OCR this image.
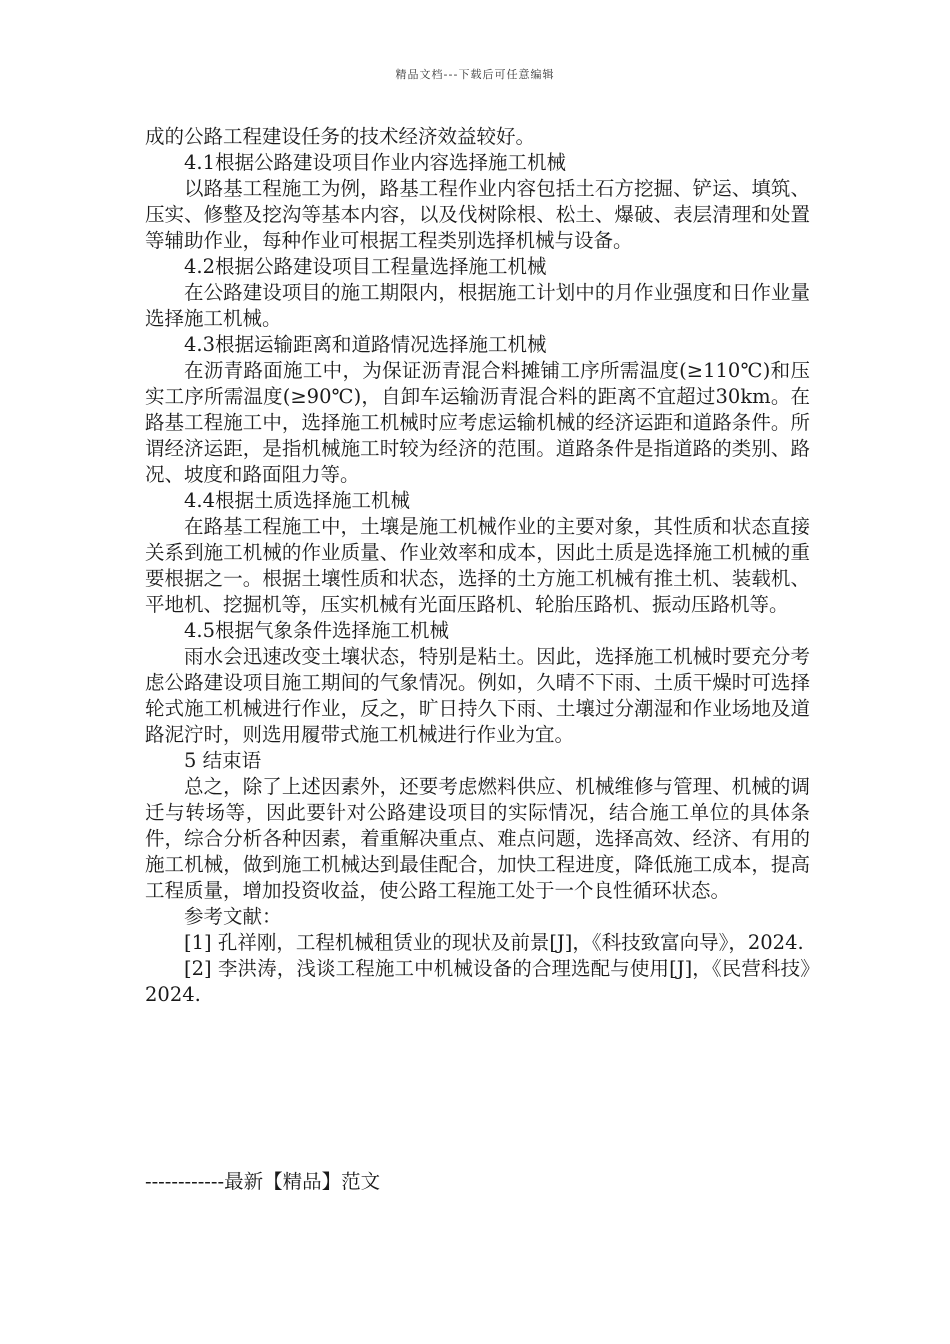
精品文档---下载后可任意编辑

成的公路工程建设任务的技术经济效益较好。

4.1根据公路建设项目作业内容选择施工机械

以路基工程施工为例，路基工程作业内容包括土石方挖掘、铲运、填筑、压实、修整及挖沟等基本内容，以及伐树除根、松土、爆破、表层清理和处置等辅助作业，每种作业可根据工程类别选择机械与设备。

4.2根据公路建设项目工程量选择施工机械

在公路建设项目的施工期限内，根据施工计划中的月作业强度和日作业量选择施工机械。

4.3根据运输距离和道路情况选择施工机械

在沥青路面施工中，为保证沥青混合料摊铺工序所需温度(≥110℃)和压实工序所需温度(≥90℃)，自卸车运输沥青混合料的距离不宜超过30km。在路基工程施工中，选择施工机械时应考虑运输机械的经济运距和道路条件。所谓经济运距，是指机械施工时较为经济的范围。道路条件是指道路的类别、路况、坡度和路面阻力等。

4.4根据土质选择施工机械

在路基工程施工中，土壤是施工机械作业的主要对象，其性质和状态直接关系到施工机械的作业质量、作业效率和成本，因此土质是选择施工机械的重要根据之一。根据土壤性质和状态，选择的土方施工机械有推土机、装载机、平地机、挖掘机等，压实机械有光面压路机、轮胎压路机、振动压路机等。

4.5根据气象条件选择施工机械

雨水会迅速改变土壤状态，特别是粘土。因此，选择施工机械时要充分考虑公路建设项目施工期间的气象情况。例如，久晴不下雨、土质干燥时可选择轮式施工机械进行作业，反之，旷日持久下雨、土壤过分潮湿和作业场地及道路泥泞时，则选用履带式施工机械进行作业为宜。

5 结束语

总之，除了上述因素外，还要考虑燃料供应、机械维修与管理、机械的调迁与转场等，因此要针对公路建设项目的实际情况，结合施工单位的具体条件，综合分析各种因素，着重解决重点、难点问题，选择高效、经济、有用的施工机械，做到施工机械达到最佳配合，加快工程进度，降低施工成本，提高工程质量，增加投资收益，使公路工程施工处于一个良性循环状态。

参考文献：

[1] 孔祥刚，工程机械租赁业的现状及前景[J]，《科技致富向导》，2024.

[2] 李洪涛，浅谈工程施工中机械设备的合理选配与使用[J]，《民营科技》2024.

------------最新【精品】范文
